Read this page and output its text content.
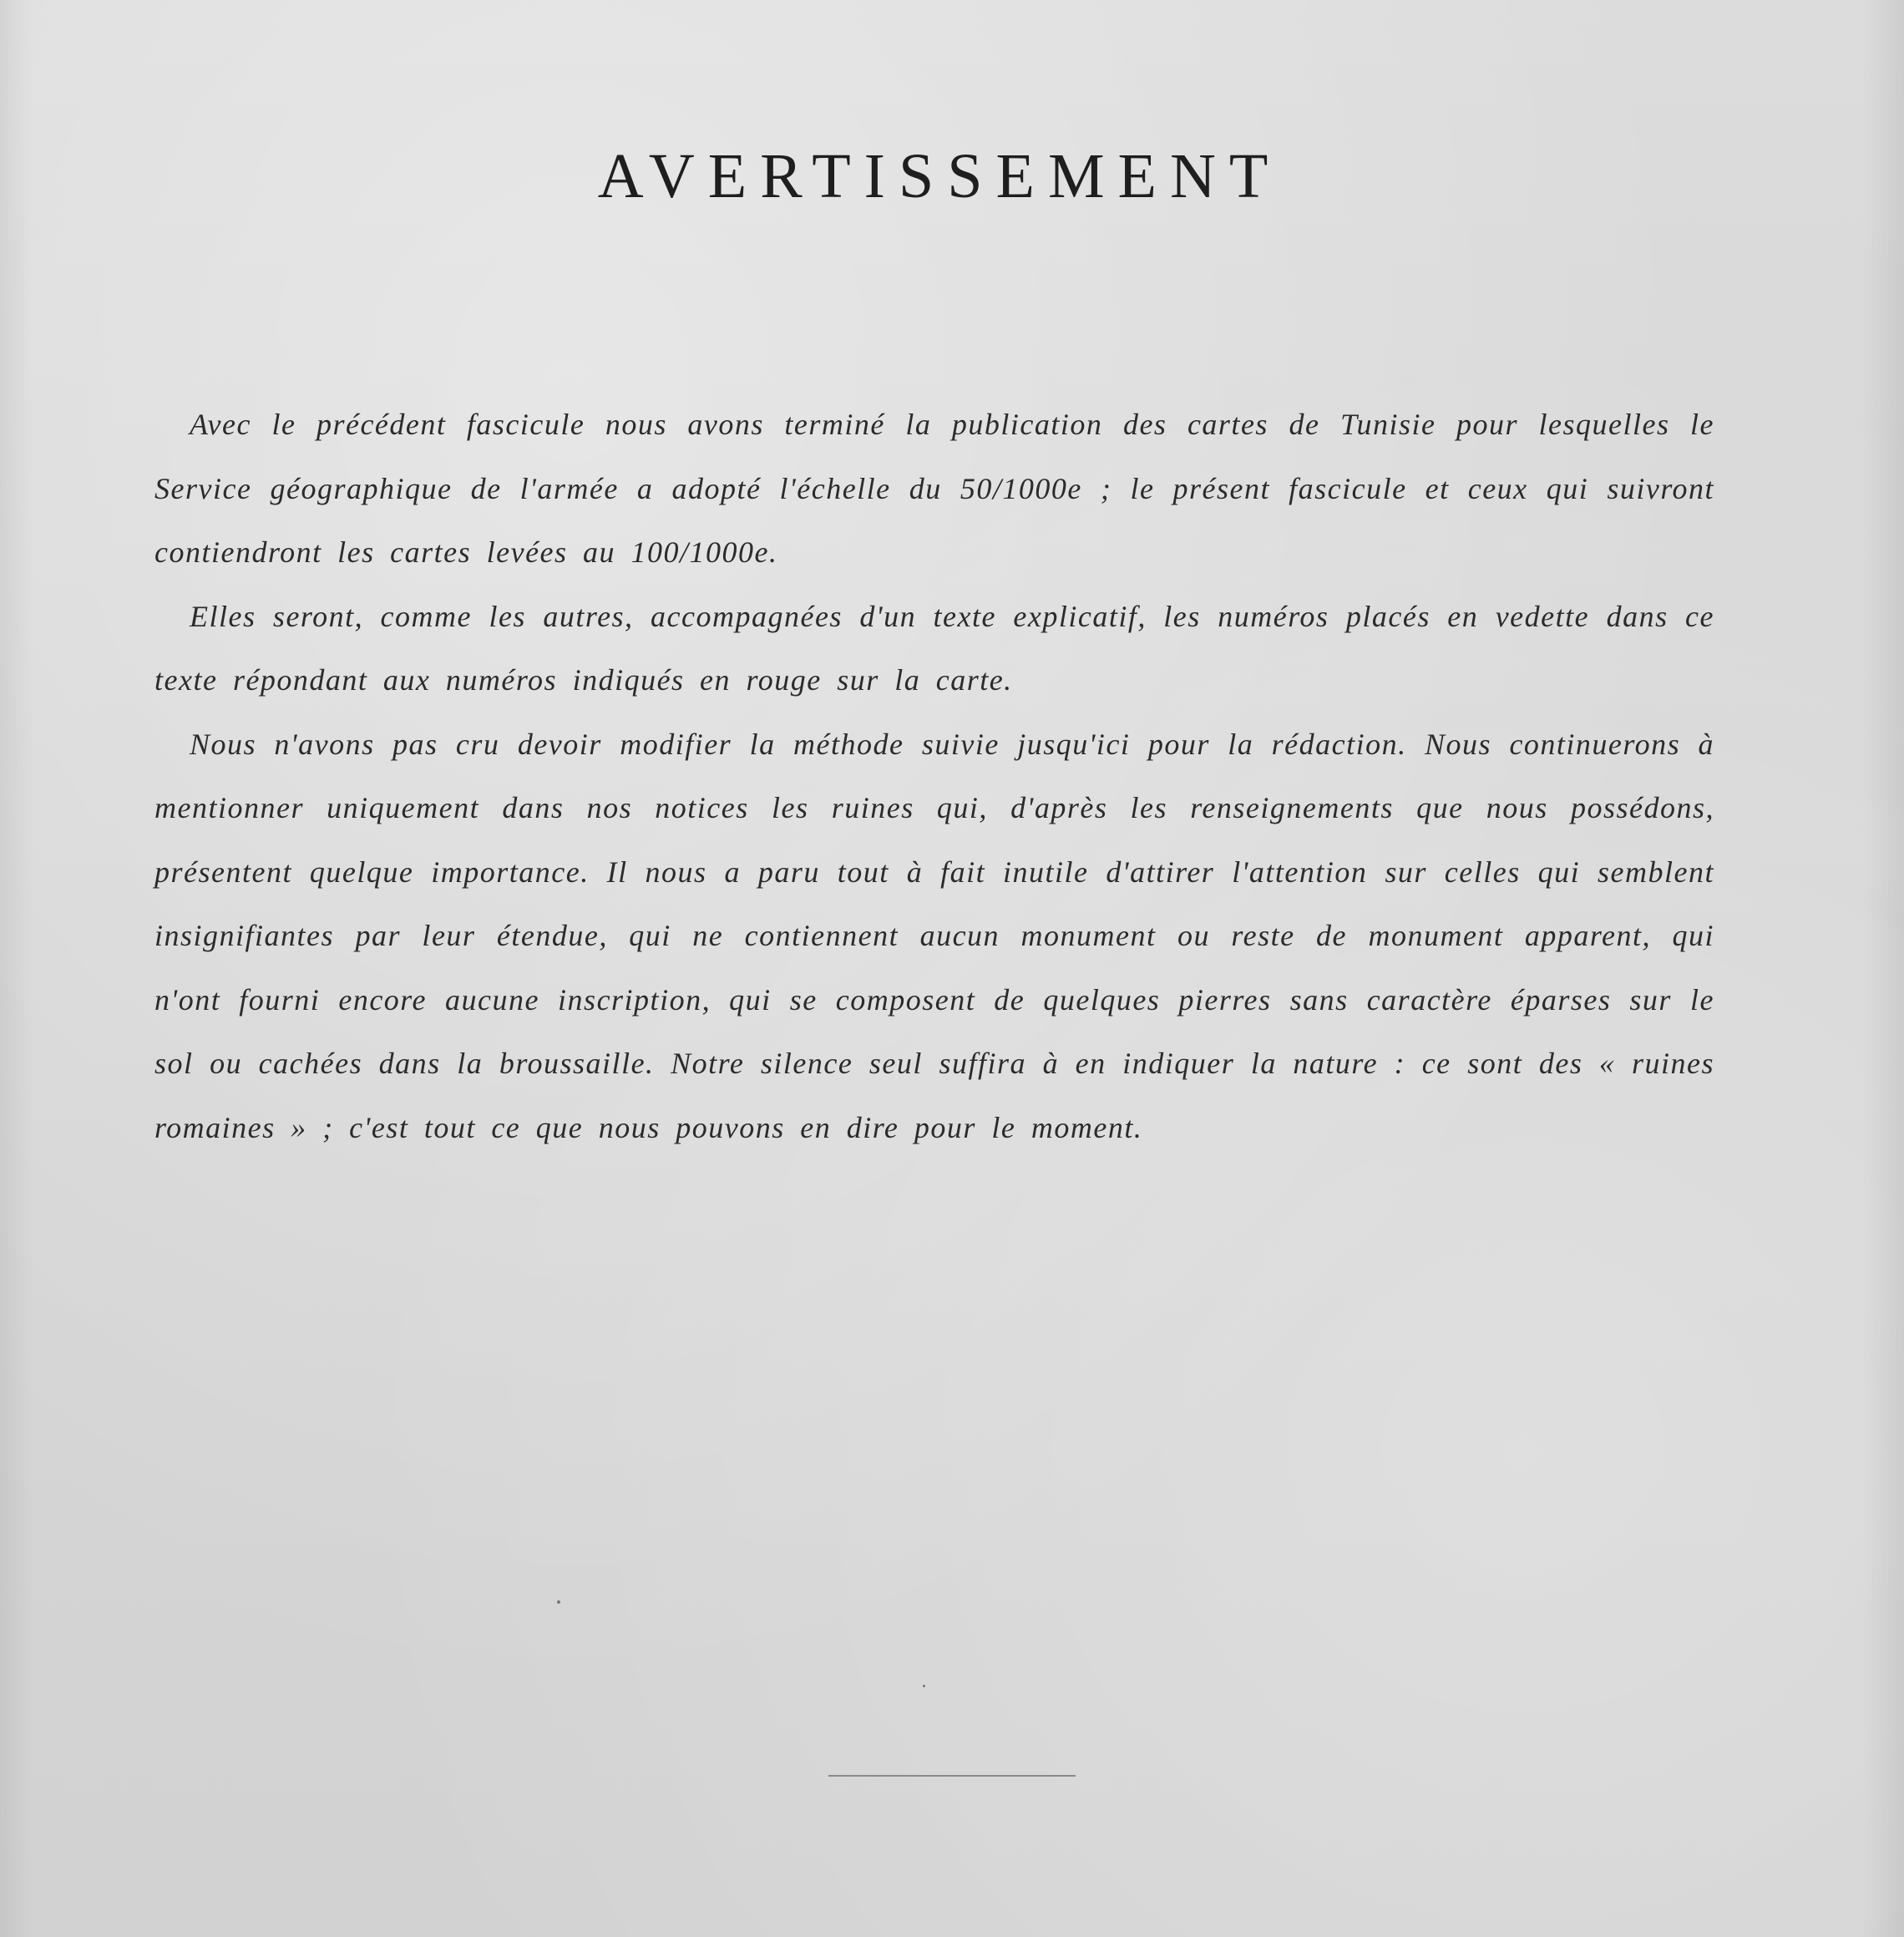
AVERTISSEMENT

Avec le précédent fascicule nous avons terminé la publication des cartes de Tunisie pour lesquelles le Service géographique de l'armée a adopté l'échelle du 50/1000e ; le présent fascicule et ceux qui suivront contiendront les cartes levées au 100/1000e.

Elles seront, comme les autres, accompagnées d'un texte explicatif, les numéros placés en vedette dans ce texte répondant aux numéros indiqués en rouge sur la carte.

Nous n'avons pas cru devoir modifier la méthode suivie jusqu'ici pour la rédaction. Nous continuerons à mentionner uniquement dans nos notices les ruines qui, d'après les renseignements que nous possédons, présentent quelque importance. Il nous a paru tout à fait inutile d'attirer l'attention sur celles qui semblent insignifiantes par leur étendue, qui ne contiennent aucun monument ou reste de monument apparent, qui n'ont fourni encore aucune inscription, qui se composent de quelques pierres sans caractère éparses sur le sol ou cachées dans la broussaille. Notre silence seul suffira à en indiquer la nature : ce sont des « ruines romaines » ; c'est tout ce que nous pouvons en dire pour le moment.
